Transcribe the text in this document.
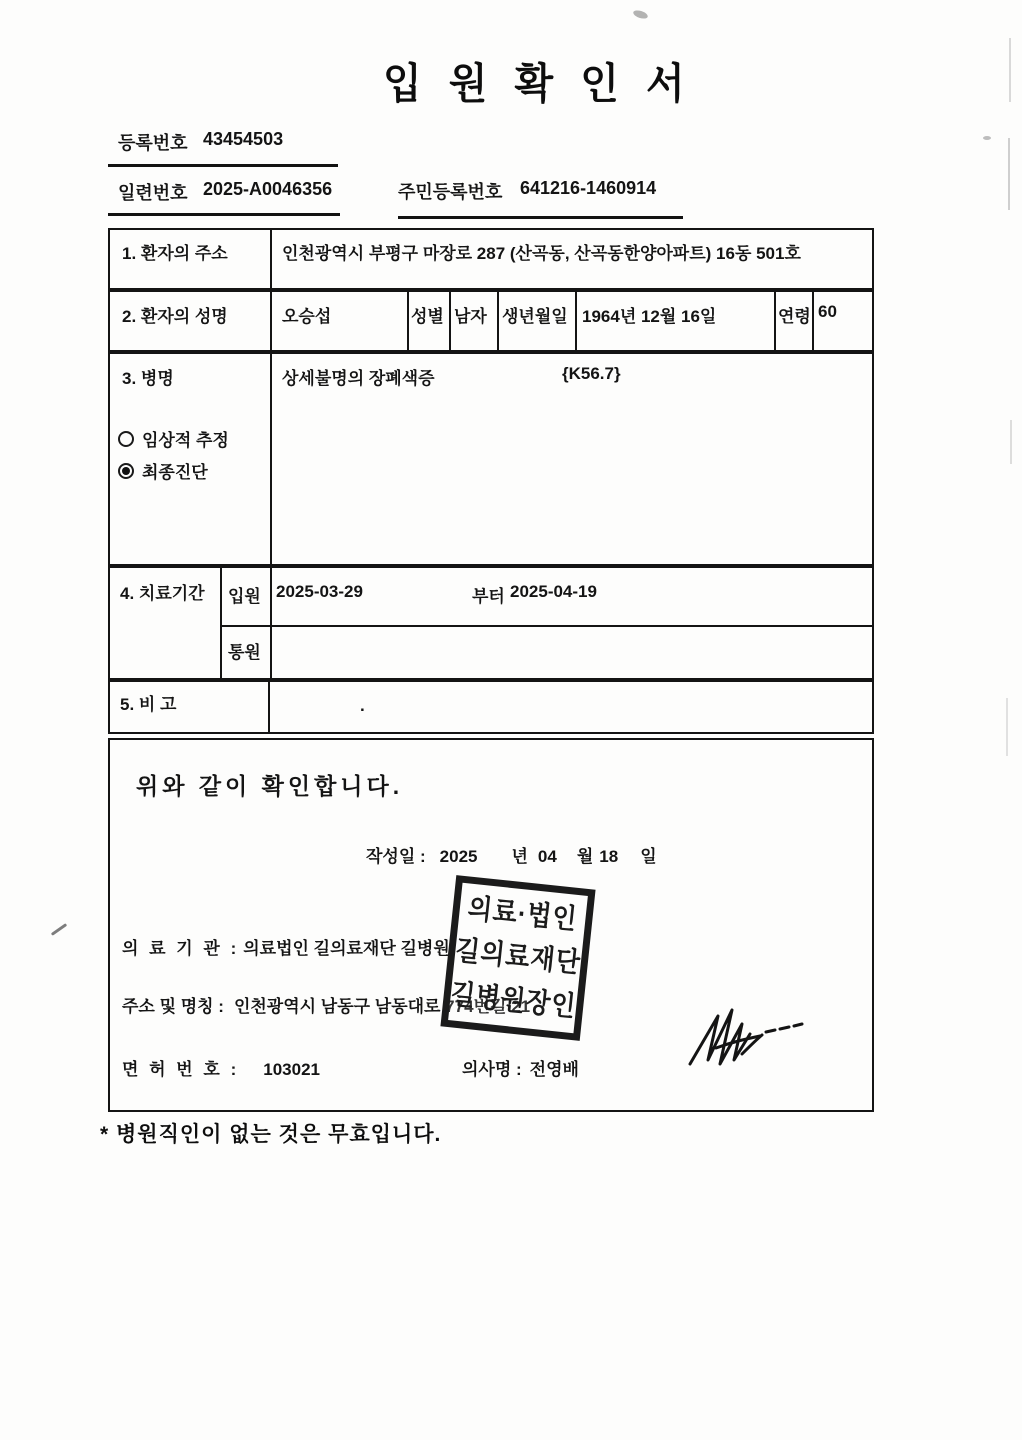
입 원 확 인 서
등록번호 43454503
일련번호 2025-A0046356	주민등록번호 641216-1460914
1. 환자의 주소	인천광역시 부평구 마장로 287 (산곡동, 산곡동한양아파트) 16동 501호
2. 환자의 성명	오승섭	성별 남자 생년월일 1964년 12월 16일	연령 60
3. 병명	상세불명의 장폐색증	{K56.7}
임상적 추정
최종진단
4. 치료기간 입원 2025-03-29	부터 2025-04-19
통원
5. 비 고	.
위와 같이 확인합니다.
작성일 : 2025 년 04 월 18 일
의 료 기 관 : 의료법인 길의료재단 길병원
주소 및 명칭 : 인천광역시 남동구 남동대로 774번길 21
면 허 번 호 : 103021	의사명 : 전영배
의료·법인
길의료재단
길병원장인
* 병원직인이 없는 것은 무효입니다.
